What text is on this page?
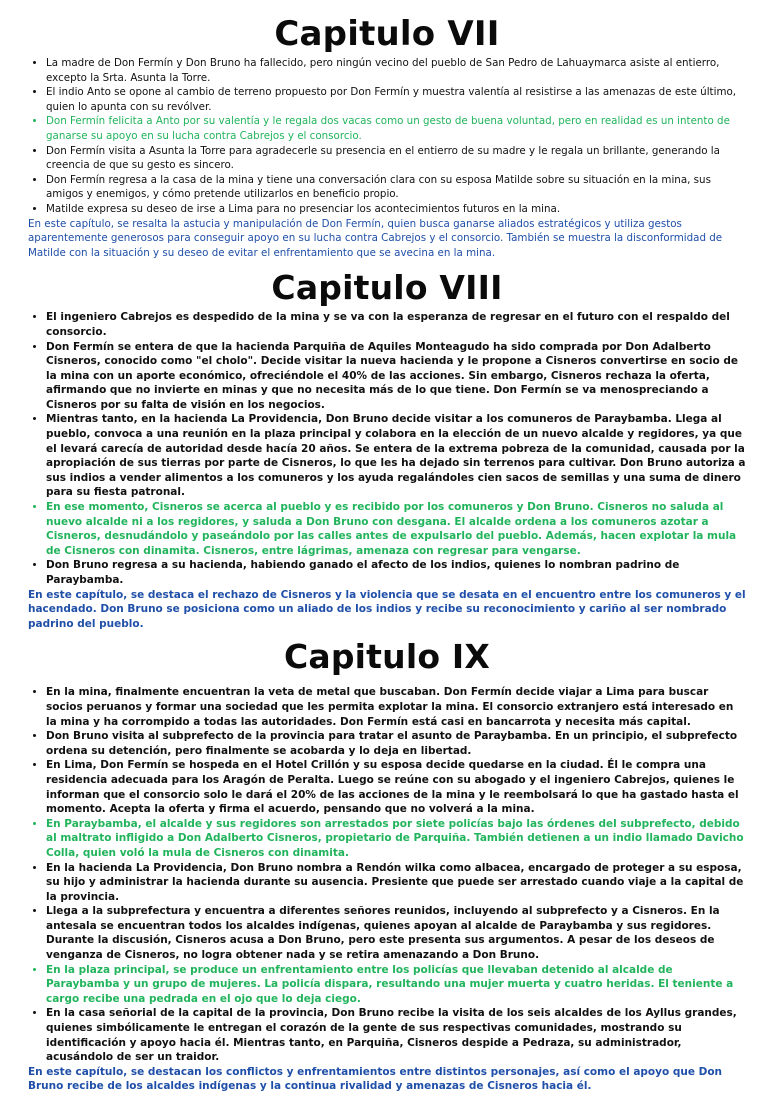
Capitulo VII
• La madre de Don Fermín y Don Bruno ha fallecido, pero ningún vecino del pueblo de San Pedro de Lahuaymarca asiste al entierro, excepto la Srta. Asunta la Torre.
• El indio Anto se opone al cambio de terreno propuesto por Don Fermín y muestra valentía al resistirse a las amenazas de este último, quien lo apunta con su revólver.
• Don Fermín felicita a Anto por su valentía y le regala dos vacas como un gesto de buena voluntad, pero en realidad es un intento de ganarse su apoyo en su lucha contra Cabrejos y el consorcio.
• Don Fermín visita a Asunta la Torre para agradecerle su presencia en el entierro de su madre y le regala un brillante, generando la creencia de que su gesto es sincero.
• Don Fermín regresa a la casa de la mina y tiene una conversación clara con su esposa Matilde sobre su situación en la mina, sus amigos y enemigos, y cómo pretende utilizarlos en beneficio propio.
• Matilde expresa su deseo de irse a Lima para no presenciar los acontecimientos futuros en la mina.

En este capítulo, se resalta la astucia y manipulación de Don Fermín, quien busca ganarse aliados estratégicos y utiliza gestos aparentemente generosos para conseguir apoyo en su lucha contra Cabrejos y el consorcio. También se muestra la disconformidad de Matilde con la situación y su deseo de evitar el enfrentamiento que se avecina en la mina.

Capitulo VIII
• El ingeniero Cabrejos es despedido de la mina y se va con la esperanza de regresar en el futuro con el respaldo del consorcio.
• Don Fermín se entera de que la hacienda Parquiña de Aquiles Monteagudo ha sido comprada por Don Adalberto Cisneros, conocido como "el cholo". Decide visitar la nueva hacienda y le propone a Cisneros convertirse en socio de la mina con un aporte económico, ofreciéndole el 40% de las acciones. Sin embargo, Cisneros rechaza la oferta, afirmando que no invierte en minas y que no necesita más de lo que tiene. Don Fermín se va menospreciando a Cisneros por su falta de visión en los negocios.
• Mientras tanto, en la hacienda La Providencia, Don Bruno decide visitar a los comuneros de Paraybamba. Llega al pueblo, convoca a una reunión en la plaza principal y colabora en la elección de un nuevo alcalde y regidores, ya que el levará carecía de autoridad desde hacía 20 años. Se entera de la extrema pobreza de la comunidad, causada por la apropiación de sus tierras por parte de Cisneros, lo que les ha dejado sin terrenos para cultivar. Don Bruno autoriza a sus indios a vender alimentos a los comuneros y los ayuda regalándoles cien sacos de semillas y una suma de dinero para su fiesta patronal.
• En ese momento, Cisneros se acerca al pueblo y es recibido por los comuneros y Don Bruno. Cisneros no saluda al nuevo alcalde ni a los regidores, y saluda a Don Bruno con desgana. El alcalde ordena a los comuneros azotar a Cisneros, desnudándolo y paseándolo por las calles antes de expulsarlo del pueblo. Además, hacen explotar la mula de Cisneros con dinamita. Cisneros, entre lágrimas, amenaza con regresar para vengarse.
• Don Bruno regresa a su hacienda, habiendo ganado el afecto de los indios, quienes lo nombran padrino de Paraybamba.

En este capítulo, se destaca el rechazo de Cisneros y la violencia que se desata en el encuentro entre los comuneros y el hacendado. Don Bruno se posiciona como un aliado de los indios y recibe su reconocimiento y cariño al ser nombrado padrino del pueblo.

Capitulo IX
• En la mina, finalmente encuentran la veta de metal que buscaban. Don Fermín decide viajar a Lima para buscar socios peruanos y formar una sociedad que les permita explotar la mina. El consorcio extranjero está interesado en la mina y ha corrompido a todas las autoridades. Don Fermín está casi en bancarrota y necesita más capital.
• Don Bruno visita al subprefecto de la provincia para tratar el asunto de Paraybamba. En un principio, el subprefecto ordena su detención, pero finalmente se acobarda y lo deja en libertad.
• En Lima, Don Fermín se hospeda en el Hotel Crillón y su esposa decide quedarse en la ciudad. Él le compra una residencia adecuada para los Aragón de Peralta. Luego se reúne con su abogado y el ingeniero Cabrejos, quienes le informan que el consorcio solo le dará el 20% de las acciones de la mina y le reembolsará lo que ha gastado hasta el momento. Acepta la oferta y firma el acuerdo, pensando que no volverá a la mina.
• En Paraybamba, el alcalde y sus regidores son arrestados por siete policías bajo las órdenes del subprefecto, debido al maltrato infligido a Don Adalberto Cisneros, propietario de Parquiña. También detienen a un indio llamado Davicho Colla, quien voló la mula de Cisneros con dinamita.
• En la hacienda La Providencia, Don Bruno nombra a Rendón wilka como albacea, encargado de proteger a su esposa, su hijo y administrar la hacienda durante su ausencia. Presiente que puede ser arrestado cuando viaje a la capital de la provincia.
• Llega a la subprefectura y encuentra a diferentes señores reunidos, incluyendo al subprefecto y a Cisneros. En la antesala se encuentran todos los alcaldes indígenas, quienes apoyan al alcalde de Paraybamba y sus regidores. Durante la discusión, Cisneros acusa a Don Bruno, pero este presenta sus argumentos. A pesar de los deseos de venganza de Cisneros, no logra obtener nada y se retira amenazando a Don Bruno.
• En la plaza principal, se produce un enfrentamiento entre los policías que llevaban detenido al alcalde de Paraybamba y un grupo de mujeres. La policía dispara, resultando una mujer muerta y cuatro heridas. El teniente a cargo recibe una pedrada en el ojo que lo deja ciego.
• En la casa señorial de la capital de la provincia, Don Bruno recibe la visita de los seis alcaldes de los Ayllus grandes, quienes simbólicamente le entregan el corazón de la gente de sus respectivas comunidades, mostrando su identificación y apoyo hacia él. Mientras tanto, en Parquiña, Cisneros despide a Pedraza, su administrador, acusándolo de ser un traidor.

En este capítulo, se destacan los conflictos y enfrentamientos entre distintos personajes, así como el apoyo que Don Bruno recibe de los alcaldes indígenas y la continua rivalidad y amenazas de Cisneros hacia él.
